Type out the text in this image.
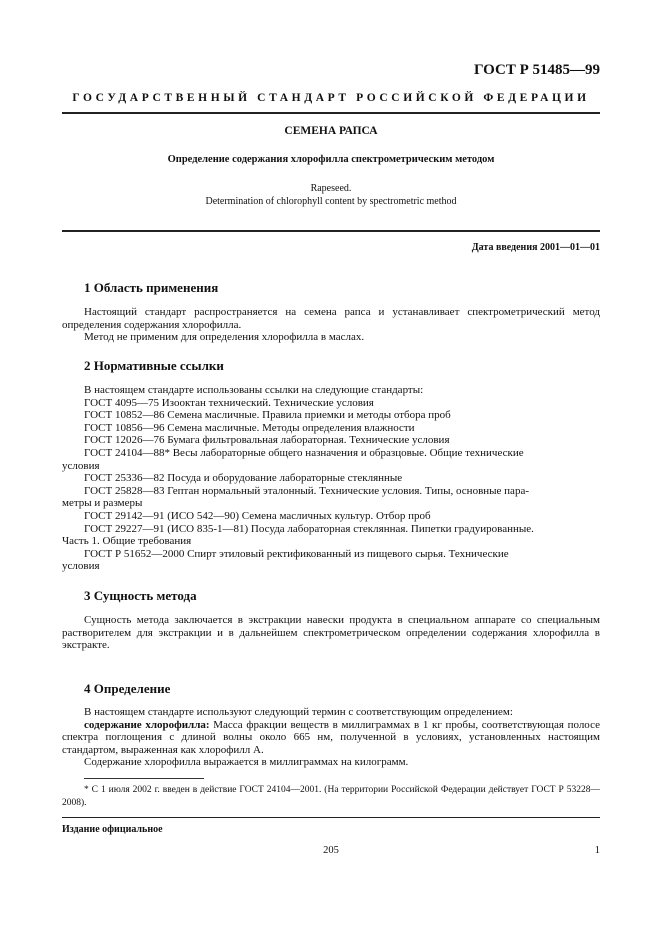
ГОСТ Р 51485—99
ГОСУДАРСТВЕННЫЙ СТАНДАРТ РОССИЙСКОЙ ФЕДЕРАЦИИ
СЕМЕНА РАПСА
Определение содержания хлорофилла спектрометрическим методом
Rapeseed.
Determination of chlorophyll content by spectrometric method
Дата введения 2001—01—01
1 Область применения
Настоящий стандарт распространяется на семена рапса и устанавливает спектрометрический метод определения содержания хлорофилла.
Метод не применим для определения хлорофилла в маслах.
2 Нормативные ссылки
В настоящем стандарте использованы ссылки на следующие стандарты:
ГОСТ 4095—75 Изооктан технический. Технические условия
ГОСТ 10852—86 Семена масличные. Правила приемки и методы отбора проб
ГОСТ 10856—96 Семена масличные. Методы определения влажности
ГОСТ 12026—76 Бумага фильтровальная лабораторная. Технические условия
ГОСТ 24104—88* Весы лабораторные общего назначения и образцовые. Общие технические
условия
ГОСТ 25336—82 Посуда и оборудование лабораторные стеклянные
ГОСТ 25828—83 Гептан нормальный эталонный. Технические условия. Типы, основные пара-
метры и размеры
ГОСТ 29142—91 (ИСО 542—90) Семена масличных культур. Отбор проб
ГОСТ 29227—91 (ИСО 835-1—81) Посуда лабораторная стеклянная. Пипетки градуированные.
Часть 1. Общие требования
ГОСТ Р 51652—2000 Спирт этиловый ректификованный из пищевого сырья. Технические
условия
3 Сущность метода
Сущность метода заключается в экстракции навески продукта в специальном аппарате со специальным растворителем для экстракции и в дальнейшем спектрометрическом определении содержания хлорофилла в экстракте.
4 Определение
В настоящем стандарте используют следующий термин с соответствующим определением:
содержание хлорофилла: Масса фракции веществ в миллиграммах в 1 кг пробы, соответствующая полосе спектра поглощения с длиной волны около 665 нм, полученной в условиях, установленных настоящим стандартом, выраженная как хлорофилл А.
Содержание хлорофилла выражается в миллиграммах на килограмм.
* С 1 июля 2002 г. введен в действие ГОСТ 24104—2001. (На территории Российской Федерации действует ГОСТ Р 53228—2008).
Издание официальное
205	1
